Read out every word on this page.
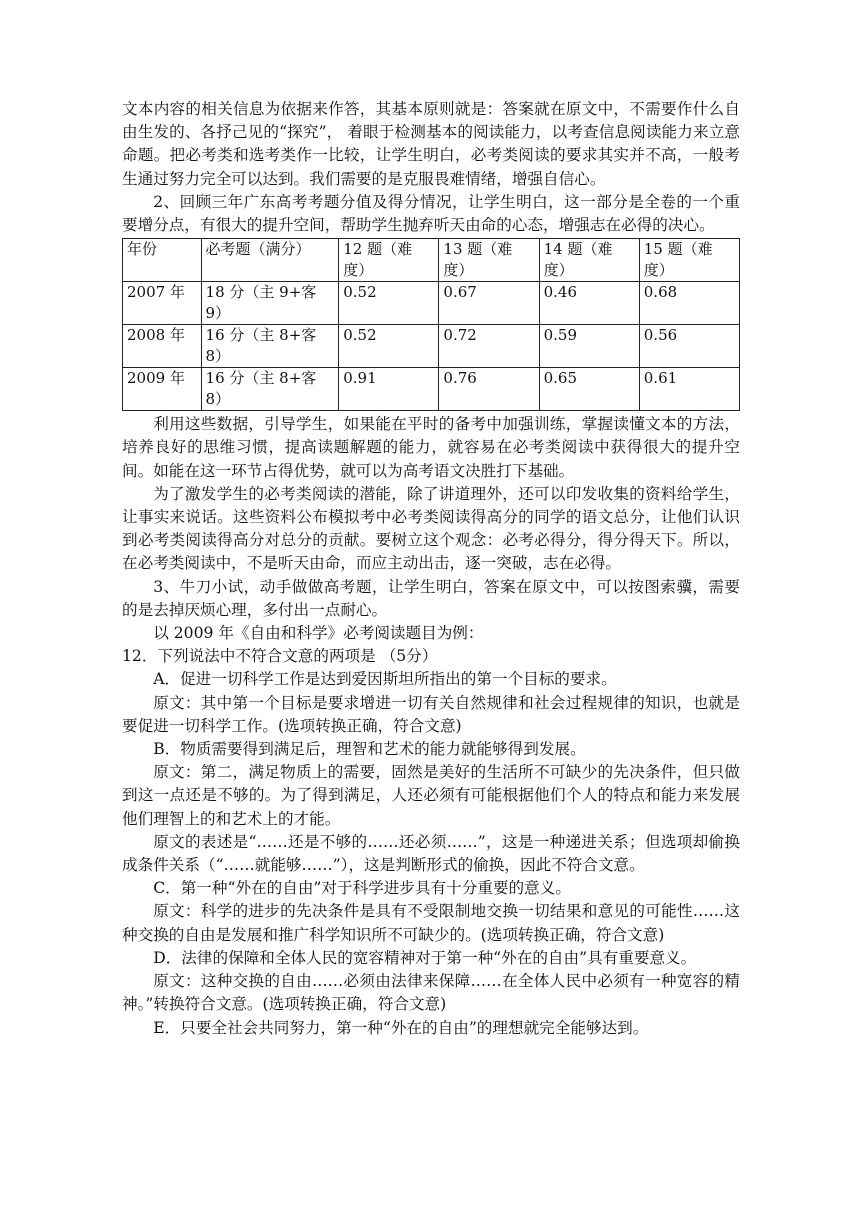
文本内容的相关信息为依据来作答，其基本原则就是：答案就在原文中，不需要作什么自由生发的、各抒己见的“探究”， 着眼于检测基本的阅读能力，以考查信息阅读能力来立意命题。把必考类和选考类作一比较，让学生明白，必考类阅读的要求其实并不高，一般考生通过努力完全可以达到。我们需要的是克服畏难情绪，增强自信心。

2、回顾三年广东高考考题分值及得分情况，让学生明白，这一部分是全卷的一个重要增分点，有很大的提升空间，帮助学生抛弃听天由命的心态，增强志在必得的决心。

年份	必考题（满分）	12 题（难度）	13 题（难度）	14 题（难度）	15 题（难度）
2007 年	18 分（主 9+客 9）	0.52	0.67	0.46	0.68
2008 年	16 分（主 8+客 8）	0.52	0.72	0.59	0.56
2009 年	16 分（主 8+客 8）	0.91	0.76	0.65	0.61

利用这些数据，引导学生，如果能在平时的备考中加强训练，掌握读懂文本的方法，培养良好的思维习惯，提高读题解题的能力，就容易在必考类阅读中获得很大的提升空间。如能在这一环节占得优势，就可以为高考语文决胜打下基础。

为了激发学生的必考类阅读的潜能，除了讲道理外，还可以印发收集的资料给学生，让事实来说话。这些资料公布模拟考中必考类阅读得高分的同学的语文总分，让他们认识到必考类阅读得高分对总分的贡献。要树立这个观念：必考必得分，得分得天下。所以，在必考类阅读中，不是听天由命，而应主动出击，逐一突破，志在必得。

3、牛刀小试，动手做做高考题，让学生明白，答案在原文中，可以按图索骥，需要的是去掉厌烦心理，多付出一点耐心。

以 2009 年《自由和科学》必考阅读题目为例：

12．下列说法中不符合文意的两项是 （5分）

A．促进一切科学工作是达到爱因斯坦所指出的第一个目标的要求。

原文：其中第一个目标是要求增进一切有关自然规律和社会过程规律的知识，也就是要促进一切科学工作。(选项转换正确，符合文意)

B．物质需要得到满足后，理智和艺术的能力就能够得到发展。

原文：第二，满足物质上的需要，固然是美好的生活所不可缺少的先决条件，但只做到这一点还是不够的。为了得到满足，人还必须有可能根据他们个人的特点和能力来发展他们理智上的和艺术上的才能。

原文的表述是“……还是不够的……还必须……”，这是一种递进关系；但选项却偷换成条件关系（“……就能够……”），这是判断形式的偷换，因此不符合文意。

C．第一种“外在的自由”对于科学进步具有十分重要的意义。

原文：科学的进步的先决条件是具有不受限制地交换一切结果和意见的可能性……这种交换的自由是发展和推广科学知识所不可缺少的。(选项转换正确，符合文意)

D．法律的保障和全体人民的宽容精神对于第一种“外在的自由”具有重要意义。

原文：这种交换的自由……必须由法律来保障……在全体人民中必须有一种宽容的精神。”转换符合文意。(选项转换正确，符合文意)

E．只要全社会共同努力，第一种“外在的自由”的理想就完全能够达到。
